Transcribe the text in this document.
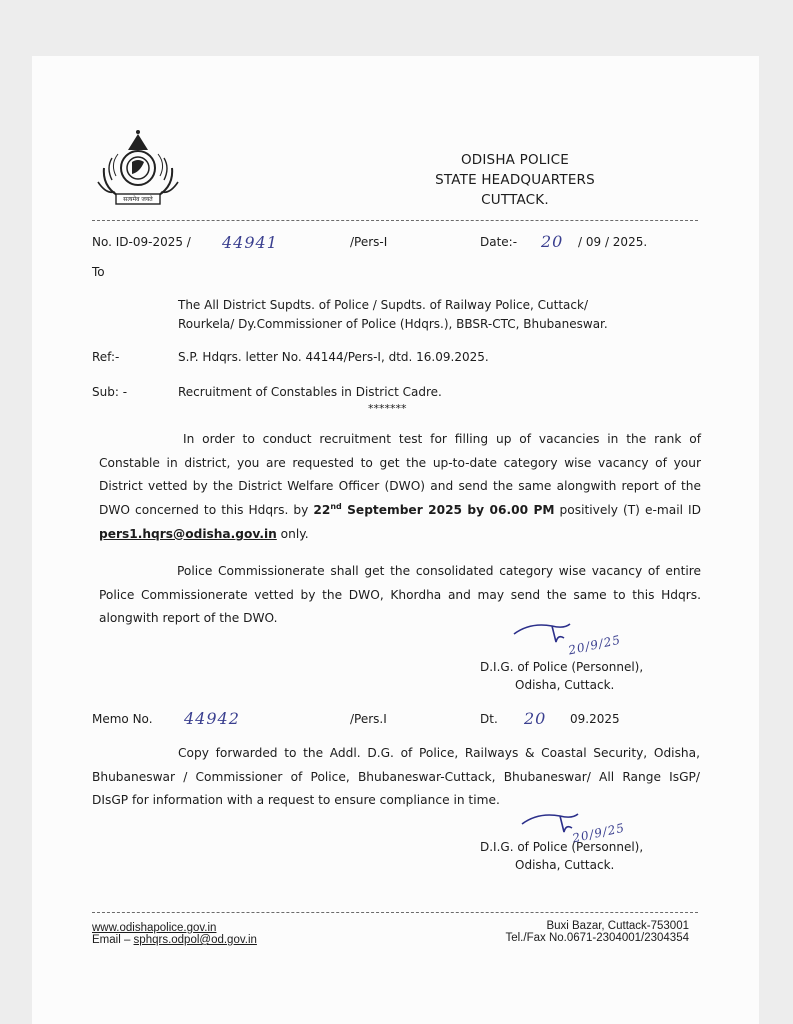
सत्यमेव जयते
ODISHA POLICE
STATE HEADQUARTERS
CUTTACK.
No. ID-09-2025 / 44941	/Pers-I	Date:- 20 / 09 / 2025.
To
The All District Supdts. of Police / Supdts. of Railway Police, Cuttack/
Rourkela/ Dy.Commissioner of Police (Hdqrs.), BBSR-CTC, Bhubaneswar.
Ref:-	S.P. Hdqrs. letter No. 44144/Pers-I, dtd. 16.09.2025.
Sub: -	Recruitment of Constables in District Cadre.
*******
In order to conduct recruitment test for filling up of vacancies in the rank of Constable in district, you are requested to get the up-to-date category wise vacancy of your District vetted by the District Welfare Officer (DWO) and send the same alongwith report of the DWO concerned to this Hdqrs. by 22nd September 2025 by 06.00 PM positively (T) e-mail ID pers1.hqrs@odisha.gov.in only.
Police Commissionerate shall get the consolidated category wise vacancy of entire Police Commissionerate vetted by the DWO, Khordha and may send the same to this Hdqrs. alongwith report of the DWO.
20/9/25
D.I.G. of Police (Personnel),
Odisha, Cuttack.
Memo No. 44942	/Pers.I	Dt. 20 09.2025
Copy forwarded to the Addl. D.G. of Police, Railways & Coastal Security, Odisha, Bhubaneswar / Commissioner of Police, Bhubaneswar-Cuttack, Bhubaneswar/ All Range IsGP/ DIsGP for information with a request to ensure compliance in time.
20/9/25
D.I.G. of Police (Personnel),
Odisha, Cuttack.
www.odishapolice.gov.in
Email – sphqrs.odpol@od.gov.in
Buxi Bazar, Cuttack-753001
Tel./Fax No.0671-2304001/2304354
